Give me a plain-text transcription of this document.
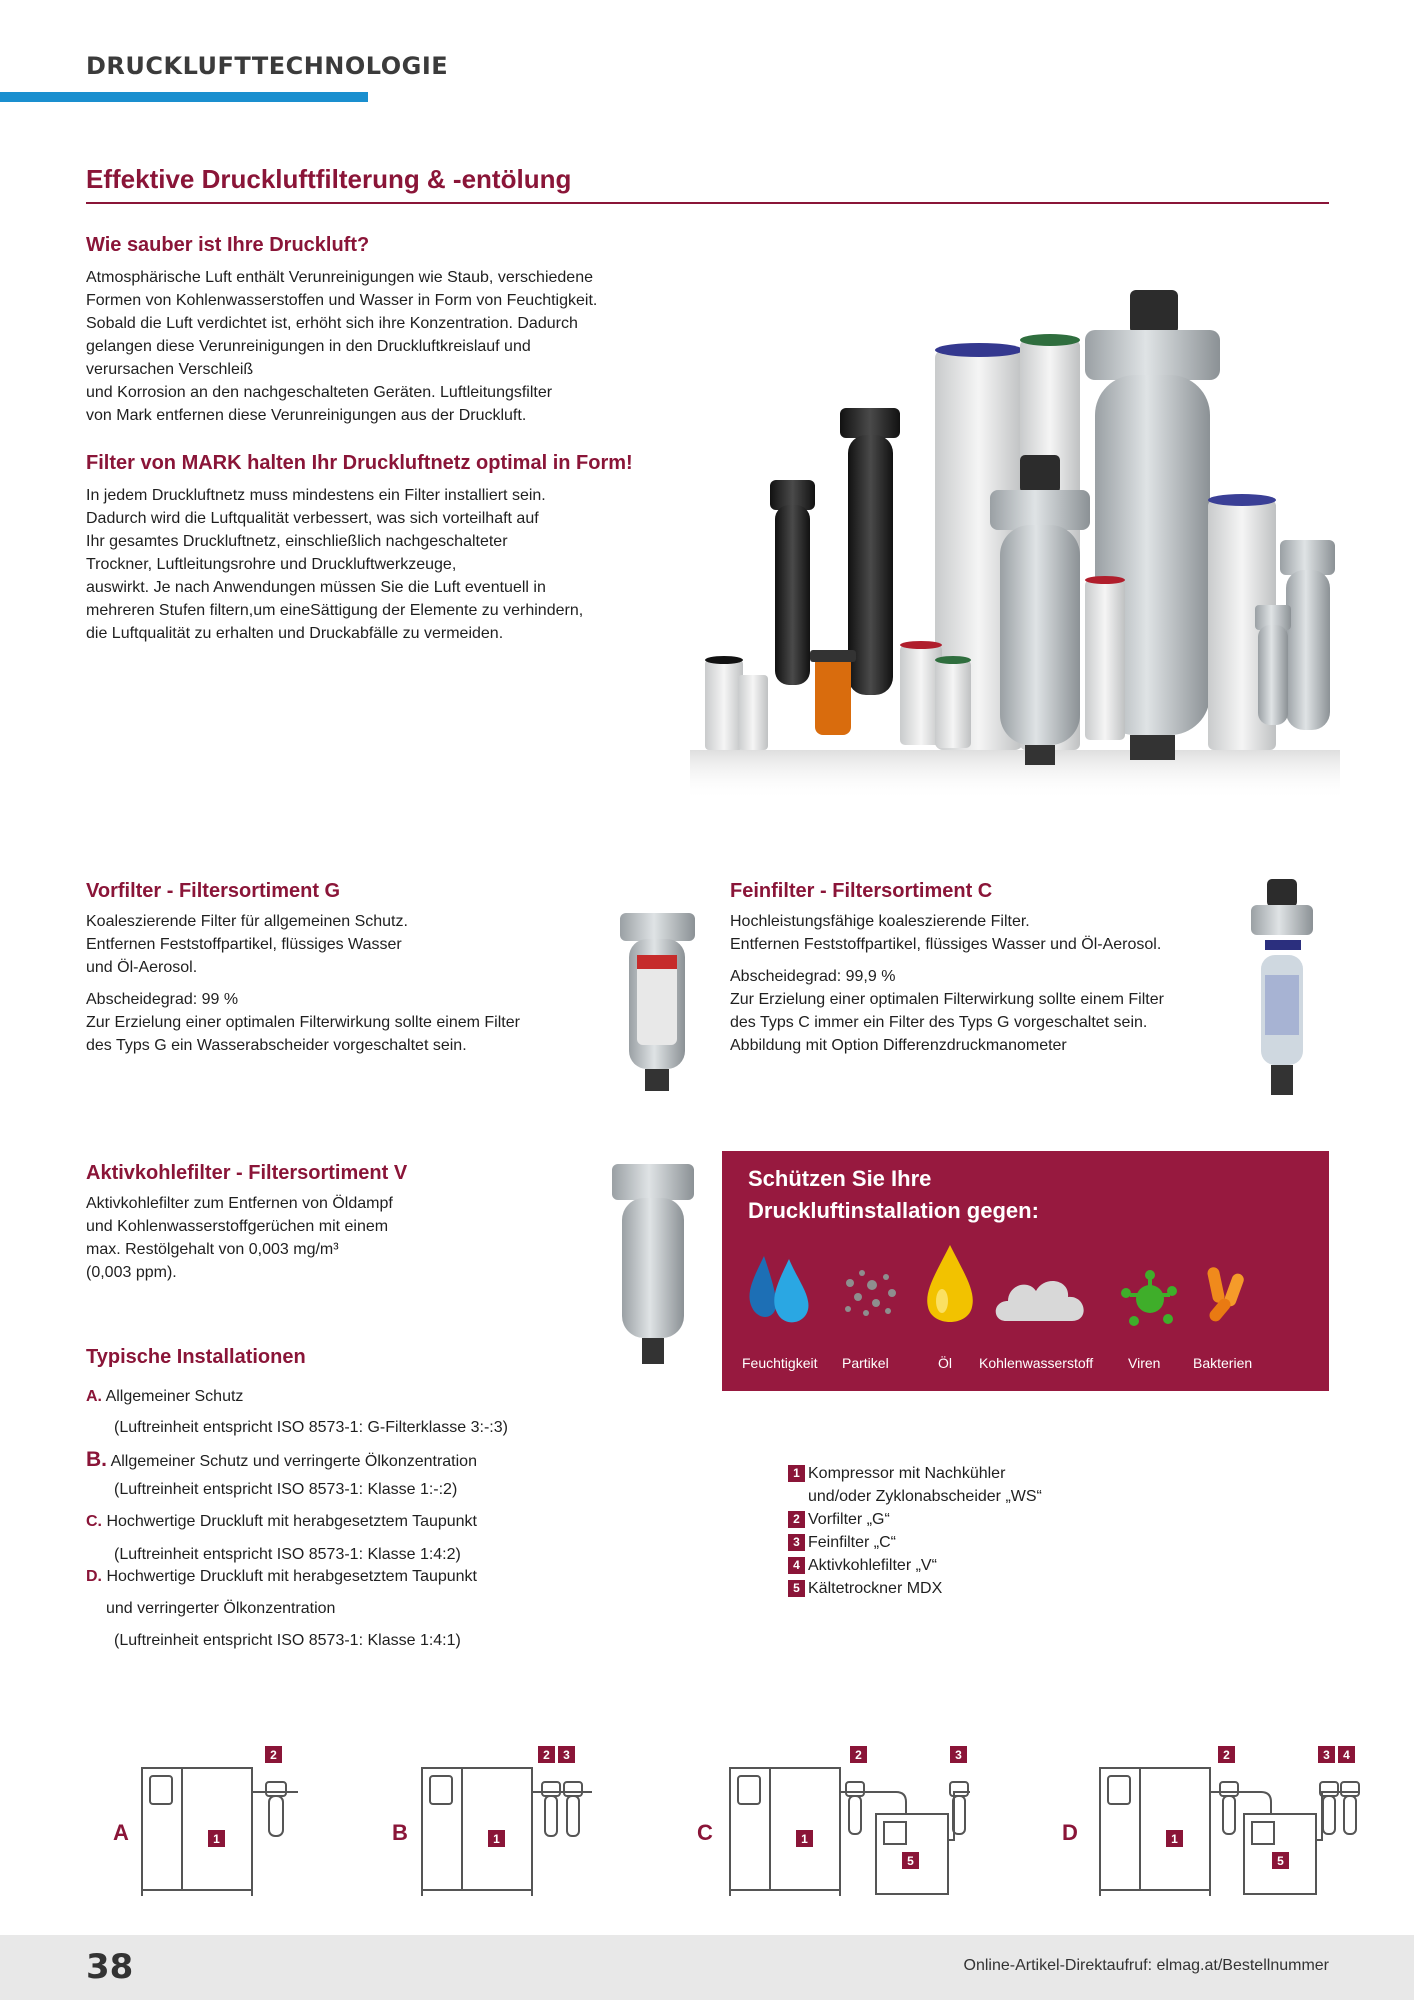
DRUCKLUFTTECHNOLOGIE
Effektive Druckluftfilterung & -entölung
Wie sauber ist Ihre Druckluft?

Atmosphärische Luft enthält Verunreinigungen wie Staub, verschiedene

Formen von Kohlenwasserstoffen und Wasser in Form von Feuchtigkeit.

Sobald die Luft verdichtet ist, erhöht sich ihre Konzentration. Dadurch

gelangen diese Verunreinigungen in den Druckluftkreislauf und

verursachen Verschleiß

und Korrosion an den nachgeschalteten Geräten. Luftleitungsfilter

von Mark entfernen diese Verunreinigungen aus der Druckluft.

Filter von MARK halten Ihr Druckluftnetz optimal in Form!

In jedem Druckluftnetz muss mindestens ein Filter installiert sein.

Dadurch wird die Luftqualität verbessert, was sich vorteilhaft auf

Ihr gesamtes Druckluftnetz, einschließlich nachgeschalteter

Trockner, Luftleitungsrohre und Druckluftwerkzeuge,

auswirkt. Je nach Anwendungen müssen Sie die Luft eventuell in

mehreren Stufen filtern,um eineSättigung der Elemente zu verhindern,

die Luftqualität zu erhalten und Druckabfälle zu vermeiden.

Vorfilter - Filtersortiment G

Koaleszierende Filter für allgemeinen Schutz.

Entfernen Feststoffpartikel, flüssiges Wasser

und Öl-Aerosol.

Abscheidegrad: 99 %

Zur Erzielung einer optimalen Filterwirkung sollte einem Filter

des Typs G ein Wasserabscheider vorgeschaltet sein.

Feinfilter - Filtersortiment C

Hochleistungsfähige koaleszierende Filter.

Entfernen Feststoffpartikel, flüssiges Wasser und Öl-Aerosol.

Abscheidegrad: 99,9 %

Zur Erzielung einer optimalen Filterwirkung sollte einem Filter

des Typs C immer ein Filter des Typs G vorgeschaltet sein.

Abbildung mit Option Differenzdruckmanometer

Aktivkohlefilter - Filtersortiment V

Aktivkohlefilter zum Entfernen von Öldampf

und Kohlenwasserstoffgerüchen mit einem

max. Restölgehalt von 0,003 mg/m³

(0,003 ppm).

Schützen Sie Ihre
Druckluftinstallation gegen:
Feuchtigkeit Partikel	Öl Kohlenwasserstoff Viren Bakterien
Typische Installationen
A. Allgemeiner Schutz
(Luftreinheit entspricht ISO 8573-1: G-Filterklasse 3:-:3)
B. Allgemeiner Schutz und verringerte Ölkonzentration
(Luftreinheit entspricht ISO 8573-1: Klasse 1:-:2)
C. Hochwertige Druckluft mit herabgesetztem Taupunkt
(Luftreinheit entspricht ISO 8573-1: Klasse 1:4:2)
D. Hochwertige Druckluft mit herabgesetztem Taupunkt
und verringerter Ölkonzentration
(Luftreinheit entspricht ISO 8573-1: Klasse 1:4:1)
1 Kompressor mit Nachkühler
und/oder Zyklonabscheider „WS“
2 Vorfilter „G“
3 Feinfilter „C“
4 Aktivkohlefilter „V“
5 Kältetrockner MDX
A	1
2
B	1
2 3
C	1
2	3
5
D	1
2	3 4
5
38	Online-Artikel-Direktaufruf: elmag.at/Bestellnummer
